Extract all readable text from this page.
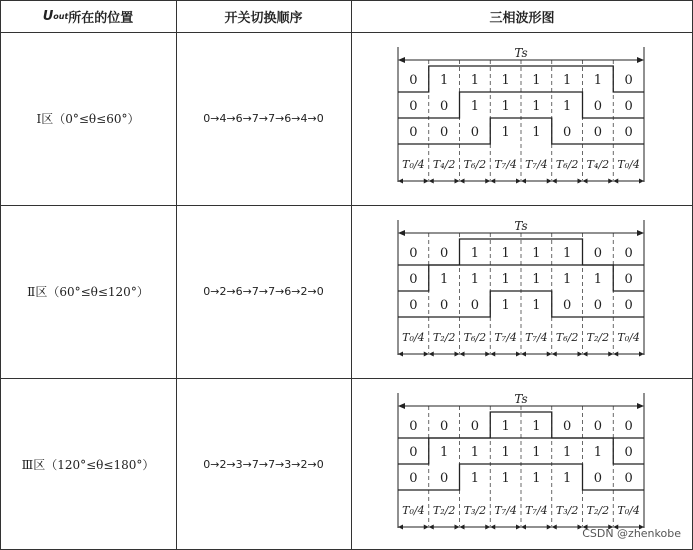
U out 所在的位置	开关切换顺序	三相波形图
Ⅰ区（0°≤θ≤60°）
Ⅱ区（60°≤θ≤120°）
Ⅲ区（120°≤θ≤180°）
0→4→6→7→7→6→4→0
0→2→6→7→7→6→2→0
0→2→3→7→7→3→2→0
Ts
0 1 1 1 1 1 1 0
0 0 1 1 1 1 0 0
0 0 0 1 1 0 0 0
T₀/4 T₄/2 T₆/2 T₇/4 T₇/4 T₆/2 T₄/2 T₀/4
Ts
0 0 1 1 1 1 0 0
0 1 1 1 1 1 1 0
0 0 0 1 1 0 0 0
T₀/4 T₂/2 T₆/2 T₇/4 T₇/4 T₆/2 T₂/2 T₀/4
Ts
0 0 0 1 1 0 0 0
0 1 1 1 1 1 1 0
0 0 1 1 1 1 0 0
T₀/4 T₂/2 T₃/2 T₇/4 T₇/4 T₃/2 T₂/2 T₀/4
CSDN @zhenkobe
